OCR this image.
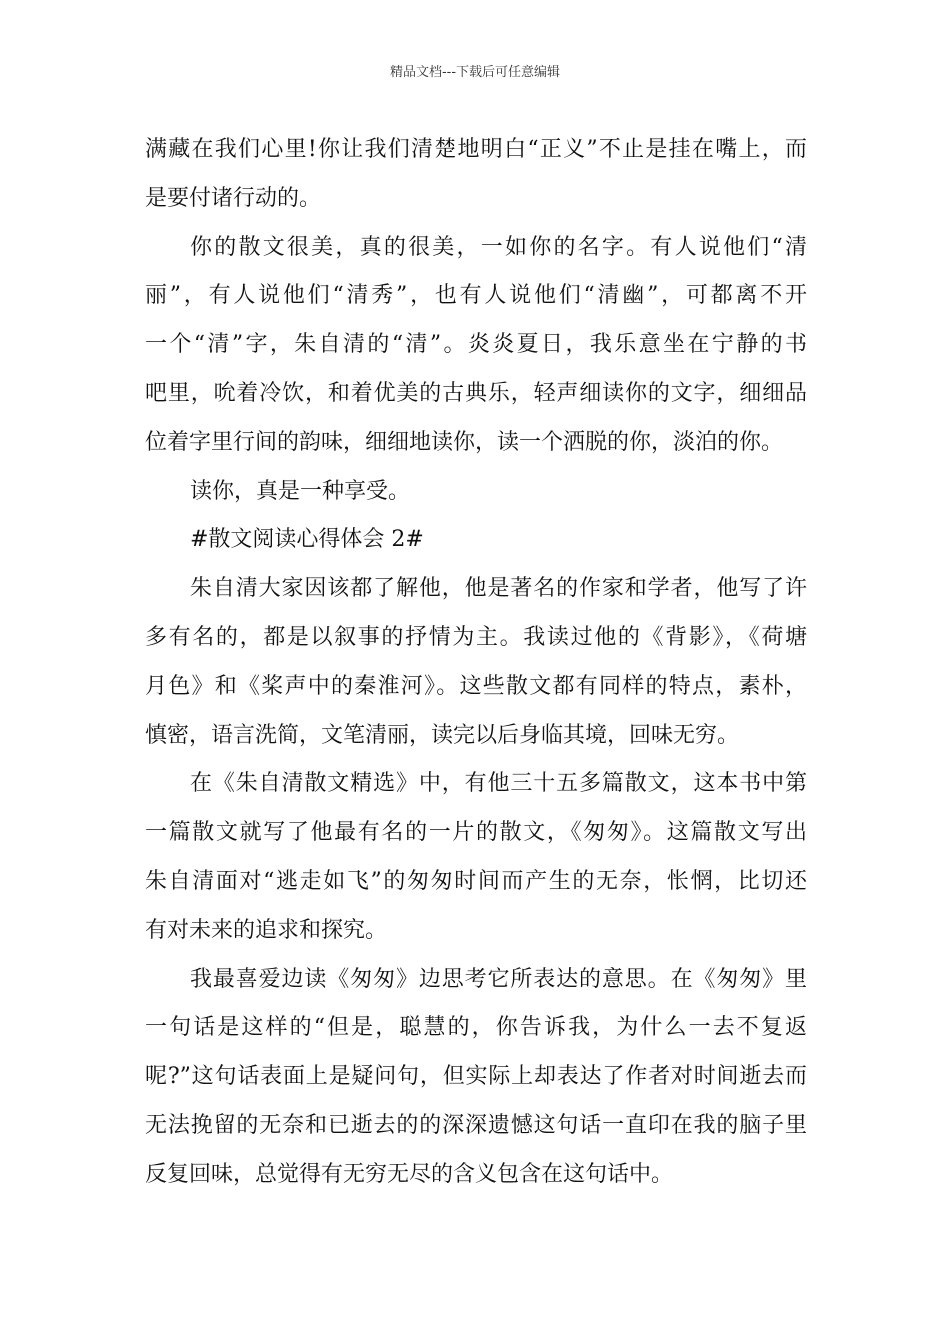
精品文档---下载后可任意编辑
满藏在我们心里!你让我们清楚地明白“正义”不止是挂在嘴上，而
是要付诸行动的。
你的散文很美，真的很美，一如你的名字。有人说他们“清
丽”，有人说他们“清秀”，也有人说他们“清幽”，可都离不开
一个“清”字，朱自清的“清”。炎炎夏日，我乐意坐在宁静的书
吧里，吮着冷饮，和着优美的古典乐，轻声细读你的文字，细细品
位着字里行间的韵味，细细地读你，读一个洒脱的你，淡泊的你。
读你，真是一种享受。
#散文阅读心得体会 2#
朱自清大家因该都了解他，他是著名的作家和学者，他写了许
多有名的，都是以叙事的抒情为主。我读过他的《背影》，《荷塘
月色》和《桨声中的秦淮河》。这些散文都有同样的特点，素朴，
慎密，语言洗简，文笔清丽，读完以后身临其境，回味无穷。
在《朱自清散文精选》中，有他三十五多篇散文，这本书中第
一篇散文就写了他最有名的一片的散文，《匆匆》。这篇散文写出
朱自清面对“逃走如飞”的匆匆时间而产生的无奈，怅惘，比切还
有对未来的追求和探究。
我最喜爱边读《匆匆》边思考它所表达的意思。在《匆匆》里
一句话是这样的“但是，聪慧的，你告诉我，为什么一去不复返
呢?”这句话表面上是疑问句，但实际上却表达了作者对时间逝去而
无法挽留的无奈和已逝去的的深深遗憾这句话一直印在我的脑子里
反复回味，总觉得有无穷无尽的含义包含在这句话中。
